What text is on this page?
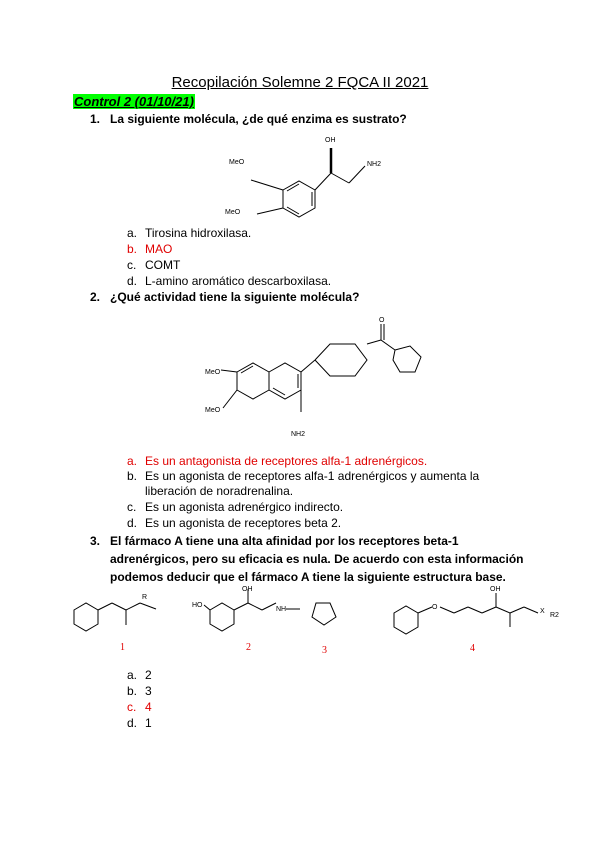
Recopilación Solemne 2 FQCA II 2021
Control 2 (01/10/21)
1. La siguiente molécula, ¿de qué enzima es sustrato?
OH
MeO
MeO
NH2
a. Tirosina hidroxilasa.
b. MAO
c. COMT
d. L-amino aromático descarboxilasa.
2. ¿Qué actividad tiene la siguiente molécula?
MeO
MeO
NH2
O
a. Es un antagonista de receptores alfa-1 adrenérgicos.
b. Es un agonista de receptores alfa-1 adrenérgicos y aumenta la
liberación de noradrenalina.
c. Es un agonista adrenérgico indirecto.
d. Es un agonista de receptores beta 2.
3. El fármaco A tiene una alta afinidad por los receptores beta-1
adrenérgicos, pero su eficacia es nula. De acuerdo con esta información
podemos deducir que el fármaco A tiene la siguiente estructura base.
R
1
HO
OH
NH
2	3
O
OH
X
R2
4
a. 2
b. 3
c. 4
d. 1
